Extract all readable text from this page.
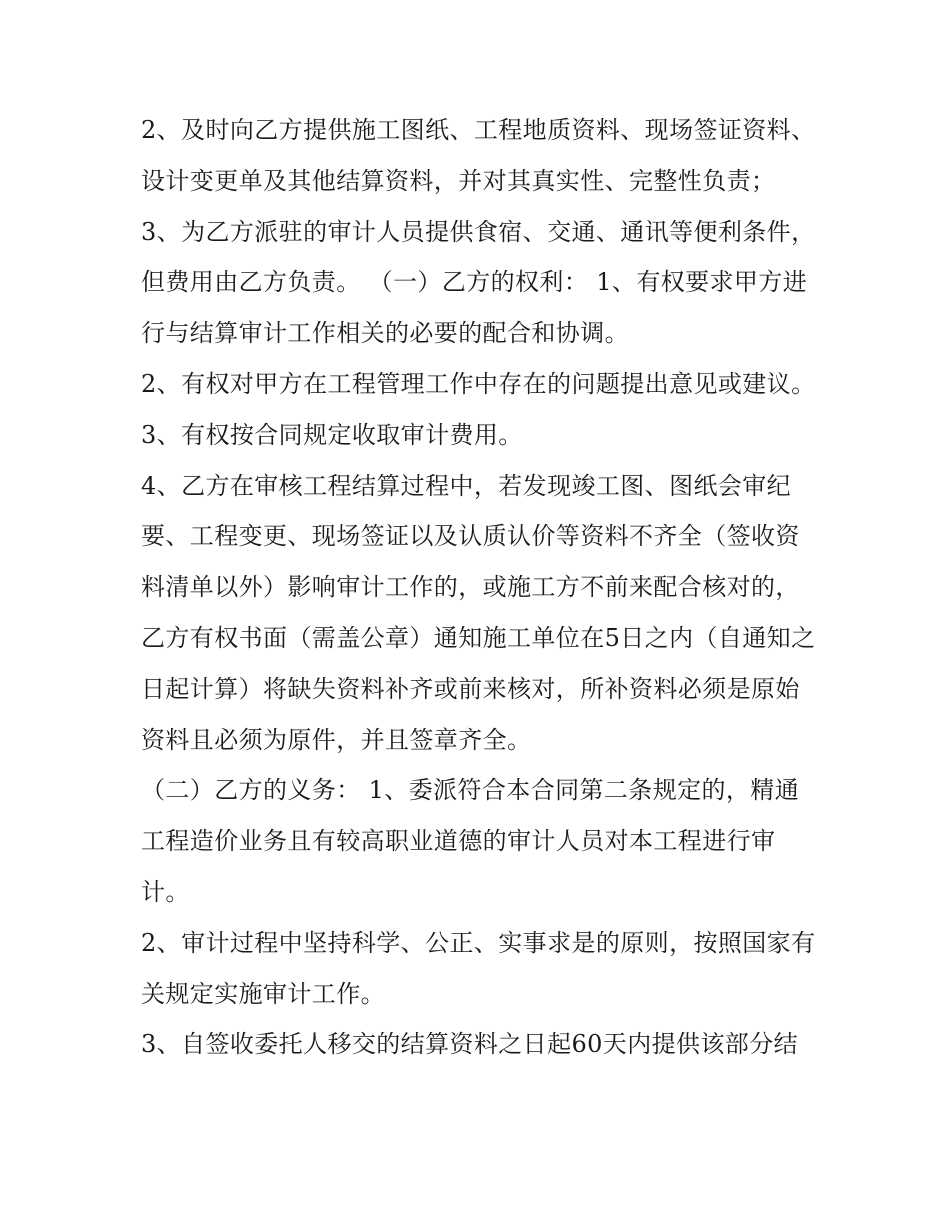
2、及时向乙方提供施工图纸、工程地质资料、现场签证资料、设计变更单及其他结算资料，并对其真实性、完整性负责；

3、为乙方派驻的审计人员提供食宿、交通、通讯等便利条件，但费用由乙方负责。 （一）乙方的权利： 1、有权要求甲方进行与结算审计工作相关的必要的配合和协调。

2、有权对甲方在工程管理工作中存在的问题提出意见或建议。 3、有权按合同规定收取审计费用。

4、乙方在审核工程结算过程中，若发现竣工图、图纸会审纪要、工程变更、现场签证以及认质认价等资料不齐全（签收资料清单以外）影响审计工作的，或施工方不前来配合核对的，乙方有权书面（需盖公章）通知施工单位在5日之内（自通知之日起计算）将缺失资料补齐或前来核对，所补资料必须是原始资料且必须为原件，并且签章齐全。

（二）乙方的义务： 1、委派符合本合同第二条规定的，精通工程造价业务且有较高职业道德的审计人员对本工程进行审计。

2、审计过程中坚持科学、公正、实事求是的原则，按照国家有关规定实施审计工作。

3、自签收委托人移交的结算资料之日起60天内提供该部分结
